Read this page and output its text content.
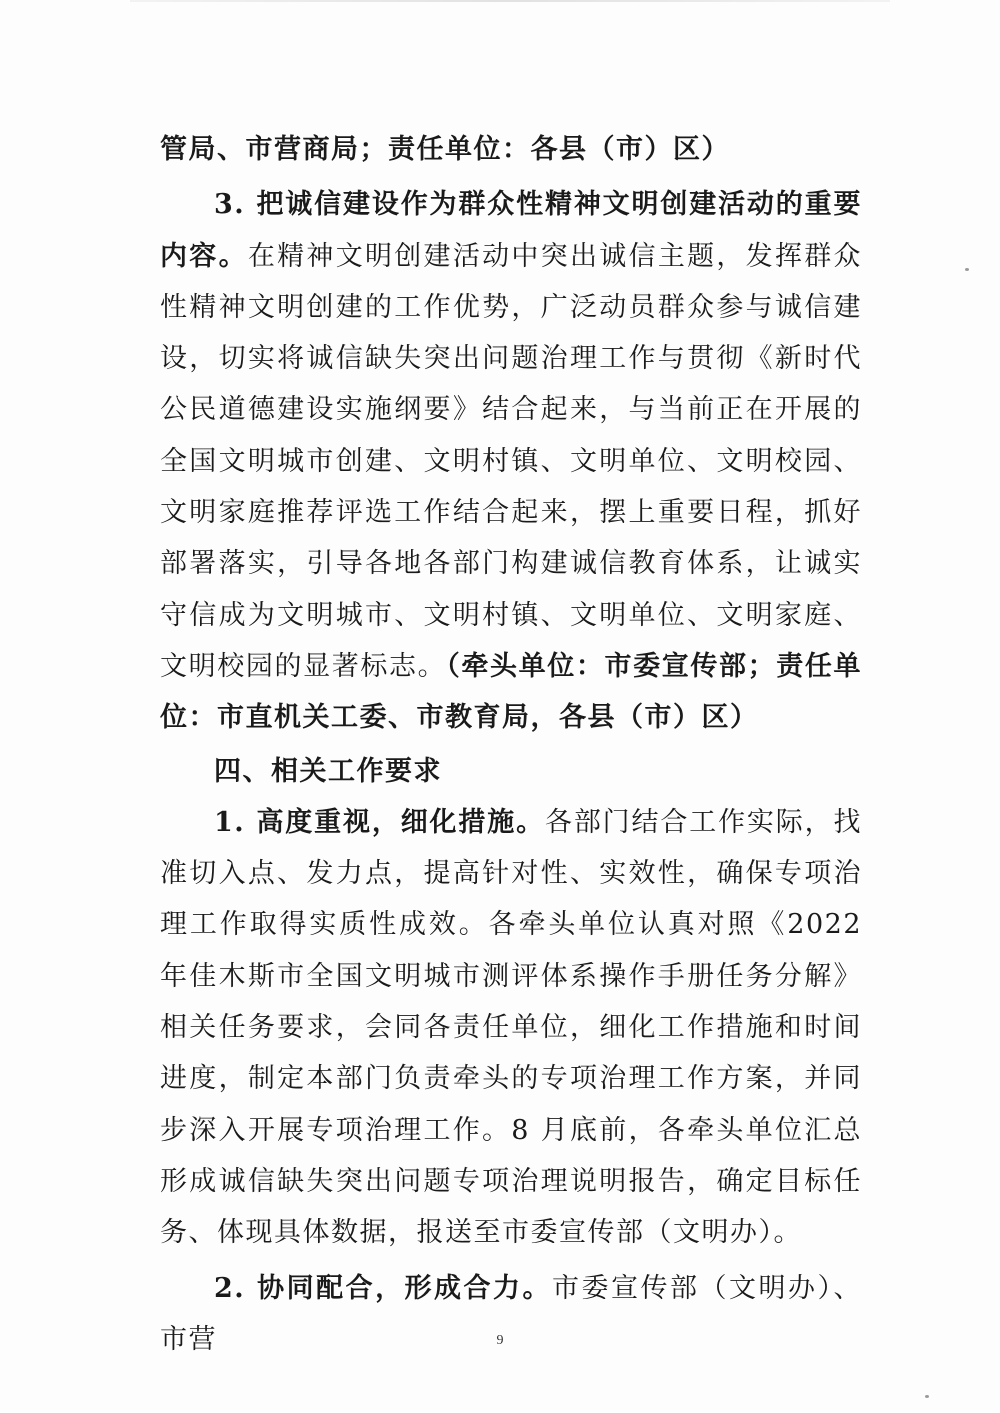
管局、市营商局；责任单位：各县（市）区）

3. 把诚信建设作为群众性精神文明创建活动的重要内容。在精神文明创建活动中突出诚信主题，发挥群众性精神文明创建的工作优势，广泛动员群众参与诚信建设，切实将诚信缺失突出问题治理工作与贯彻《新时代公民道德建设实施纲要》结合起来，与当前正在开展的全国文明城市创建、文明村镇、文明单位、文明校园、文明家庭推荐评选工作结合起来，摆上重要日程，抓好部署落实，引导各地各部门构建诚信教育体系，让诚实守信成为文明城市、文明村镇、文明单位、文明家庭、文明校园的显著标志。（牵头单位：市委宣传部；责任单位：市直机关工委、市教育局，各县（市）区）

四、相关工作要求

1. 高度重视，细化措施。各部门结合工作实际，找准切入点、发力点，提高针对性、实效性，确保专项治理工作取得实质性成效。各牵头单位认真对照《2022 年佳木斯市全国文明城市测评体系操作手册任务分解》相关任务要求，会同各责任单位，细化工作措施和时间进度，制定本部门负责牵头的专项治理工作方案，并同步深入开展专项治理工作。8 月底前，各牵头单位汇总形成诚信缺失突出问题专项治理说明报告，确定目标任务、体现具体数据，报送至市委宣传部（文明办）。

2. 协同配合，形成合力。市委宣传部（文明办）、市营	9
